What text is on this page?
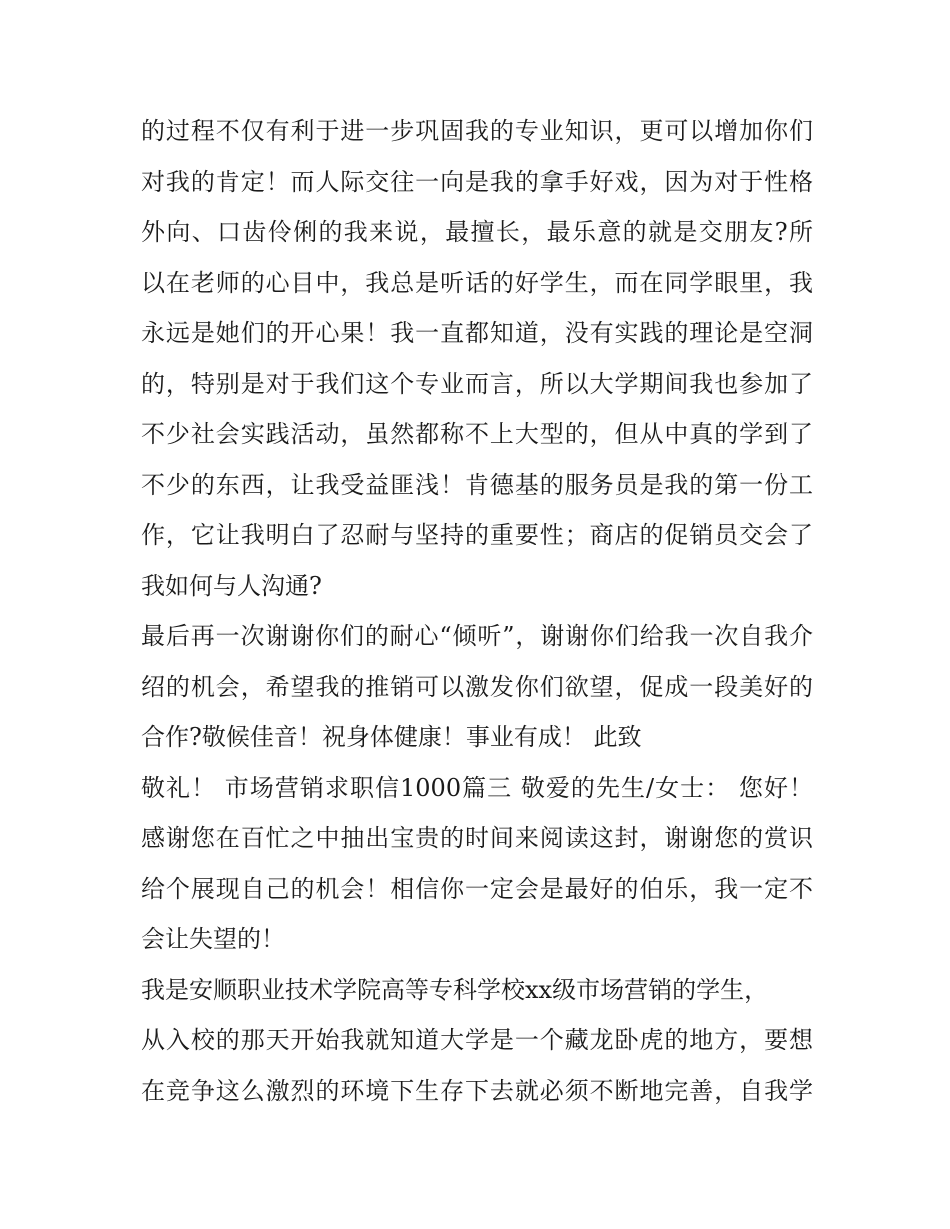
的过程不仅有利于进一步巩固我的专业知识，更可以增加你们
对我的肯定！而人际交往一向是我的拿手好戏，因为对于性格
外向、口齿伶俐的我来说，最擅长，最乐意的就是交朋友?所
以在老师的心目中，我总是听话的好学生，而在同学眼里，我
永远是她们的开心果！我一直都知道，没有实践的理论是空洞
的，特别是对于我们这个专业而言，所以大学期间我也参加了
不少社会实践活动，虽然都称不上大型的，但从中真的学到了
不少的东西，让我受益匪浅！肯德基的服务员是我的第一份工
作，它让我明白了忍耐与坚持的重要性；商店的促销员交会了
我如何与人沟通?
最后再一次谢谢你们的耐心“倾听”，谢谢你们给我一次自我介
绍的机会，希望我的推销可以激发你们欲望，促成一段美好的
合作?敬候佳音！祝身体健康！事业有成！ 此致
敬礼！ 市场营销求职信1000篇三 敬爱的先生/女士： 您好！
感谢您在百忙之中抽出宝贵的时间来阅读这封，谢谢您的赏识
给个展现自己的机会！相信你一定会是最好的伯乐，我一定不
会让失望的！
我是安顺职业技术学院高等专科学校xx级市场营销的学生，
从入校的那天开始我就知道大学是一个藏龙卧虎的地方，要想
在竞争这么激烈的环境下生存下去就必须不断地完善，自我学
